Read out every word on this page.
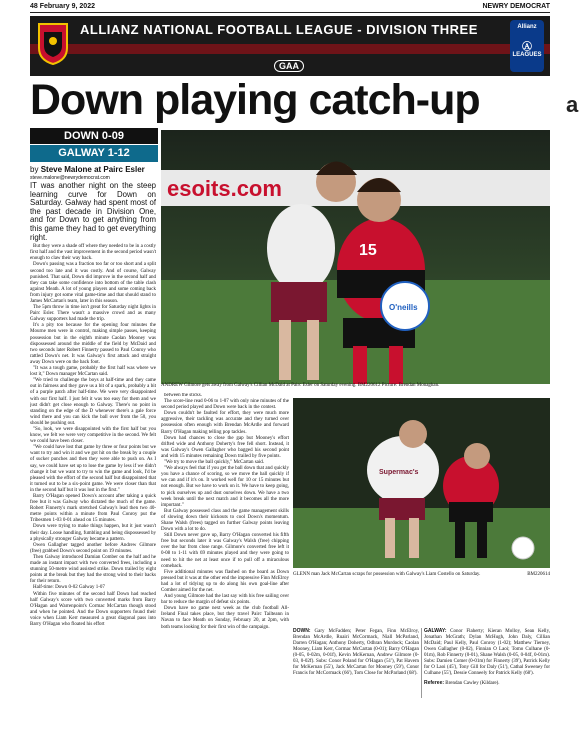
48 February 9, 2022	NEWRY DEMOCRAT
ALLIANZ NATIONAL FOOTBALL LEAGUE - DIVISION THREE
GAA
Allianz
Ⓐ
LEAGUES
Down playing catch-up	a
DOWN 0-09
GALWAY 1-12
by Steve Malone at Pairc Esler
steve.malone@newrydemocrat.com

IT was another night on the steep learning curve for Down on Saturday. Galway had spent most of the past decade in Division One, and for Down to get anything from this game they had to get everything right.

But they were a shade off where they needed to be in a costly first half and the vast improvement in the second period wasn't enough to claw their way back.

Down's passing was a fraction too far or too short and a split second too late and it was costly. And of course, Galway punished. That said, Down did improve in the second half and they can take some confidence into bottom of the table clash against Meath. A lot of young players and some coming back from injury got some vital game-time and that should stand to James McCartan's team, later in this season.

The 5pm throw in time isn't great for Saturday night lights in Pairc Esler. There wasn't a massive crowd and as many Galway supporters had made the trip.

It's a pity too because for the opening four minutes the Mourne men were in control, making simple passes, keeping possession but in the eighth minute Caolan Mooney was dispossessed around the middle of the field by McDaid and two seconds later Robert Finnerty passed to Paul Conroy who rattled Down's net. It was Galway's first attack and straight away Down were on the back foot.

"It was a tough game, probably the first half was where we lost it," Down manager McCartan said.

"We tried to challenge the boys at half-time and they came out in fairness and they gave us a bit of a spark, probably a bit of a purple patch after half-time. We were very disappointed with our first half. I just felt it was too easy for them and we just didn't get close enough to Galway. There's no point in standing on the edge of the D whenever there's a gale force wind there and you can kick the ball over from the 50, you should be pushing out.

"So, look, we were disappointed with the first half but you know, we felt we were very competitive in the second. We felt we could have been closer.

"We could have lost that game by three or four points but we want to try and win it and we got hit on the break by a couple of sucker punches and then they were able to push on. As I say, we could have set up to lose the game by less if we didn't change it but we want to try to win the game and look, I'd be pleased with the effort of the second half but disappointed that it turned out to be a six-point game. We were closer than that in the second half but it was lost in the first."

Barry O'Hagan opened Down's account after taking a quick free but it was Galway who dictated the much of the game. Robert Finnerty's mark stretched Galway's lead then two 40-metre points within a minute from Paul Conroy put the Tribesmen 1-03 0-01 ahead on 15 minutes.

Down were trying to make things happen, but it just wasn't their day. Loose handling, fumbling and being dispossessed by a physically stronger Galway became a pattern.

Owen Gallagher tagged another before Andrew Gilmore (free) grabbed Down's second point on 19 minutes.

Then Galway introduced Damian Comber on the half and he made an instant impact with two converted frees, including a stunning 50-metre wind assisted strike. Down trailed by eight points at the break but they had the strong wind to their backs for their return.

Half-time: Down 0-02 Galway 1-07

Within five minutes of the second half Down had reached half Galway's score with two converted marks from Barry O'Hagan and Warrenpoint's Cormac McCartan though stood and when he pointed. And the Down supporters found their voice when Liam Kerr measured a great diagonal pass into Barry O'Hagan who floated his effort

esoits.com
15
O'neills
ANDREW Gilmore gets away from Galway's Cillian McDaid at Pairc Esler on Saturday evening. BM220612 Picture: Brendan Monaghan.

between the sticks.

The score-line read 0-06 to 1-07 with only nine minutes of the second period played and Down were back in the contest.

Down couldn't be faulted for effort, they were much more aggressive, their tackling was accurate and they turned over possession often enough with Brendan McArdle and forward Barry O'Hagan making telling pop tackles.

Down had chances to close the gap but Mooney's effort drifted wide and Anthony Doherty's free fell short. Instead, it was Galway's Owen Gallagher who bagged his second point and with 15 minutes remaining Down trailed by five points.

"We try to move the ball quickly," McCartan said.

"We always feel that if you get the ball down that and quickly you have a chance of scoring, so we move the ball quickly if we can and if it's on. It worked well for 10 or 15 minutes but not enough. But we have to work on it. We have to keep going, to pick ourselves up and dust ourselves down. We have a two week break until the next match and it becomes all the more important."

But Galway possessed class and the game management skills of slowing down their kickouts to cool Down's momentum. Shane Walsh (frees) tagged on further Galway points leaving Down with a lot to do.

Still Down never gave up, Barry O'Hagan converted his fifth free but seconds later it was Galway's Walsh (free) chipping over the bar from close range. Gilmore's converted free left it 0-08 to 1-11 with 69 minutes played and they were going to need to hit the net at least once if to pull off a miraculous comeback.

Five additional minutes was flashed on the board as Down pressed but it was at the other end the impressive Finn McElroy had a lot of tidying up to do along his own goal-line after Comber aimed for the net.

And young Gilmore had the last say with his free sailing over bar to reduce the margin of defeat six points.

Down have no game next week as the club football All-Ireland Final takes place, but they travel Pairc Tailteann in Navan to face Meath on Sunday, February 20, at 2pm, with both teams looking for their first win of the campaign.

Supermac's
GLENN man Jack McCartan scraps for possession with Galway's Liam Costello on Saturday.	BM220614
DOWN: Gary McFadden; Peter Fegan, Finn McElroy, Brendan McArdle, Ruairi McCormack, Niall McParland, Darren O'Hagan; Anthony Doherty, Odhran Murdock; Caolan Mooney, Liam Kerr, Cormac McCartan (0-01); Barry O'Hagan (0-05, 0-02m, 0-01f), Kevin McKernan, Andrew Gilmore (0-03, 0-02f). Subs: Conor Poland for O'Hagan (51'), Pat Havern for McKernan (55'), Jack McCartan for Mooney (59'), Conor Francis for McCormack (66'), Tom Close for McParland (68').
GALWAY: Conor Flaherty; Kieran Molloy, Sean Kelly, Jonathan McGrath; Dylan McHugh, John Daly, Cillian McDaid; Paul Kelly, Paul Conroy (1-02); Matthew Tierney, Owen Gallagher (0-02), Finnian O Laoi; Tomo Culhane (0-01m), Rob Finnerty (0-01), Shane Walsh (0-05, 0-04f, 0-01m). Subs: Damien Comer (0-01m) for Finnerty (39'), Patrick Kelly for O Laoi (45'), Tony Gill for Daly (51'), Cathal Sweeney for Culhane (55'), Dessie Conneely for Patrick Kelly (68').
Referee: Brendan Cawley (Kildare).
